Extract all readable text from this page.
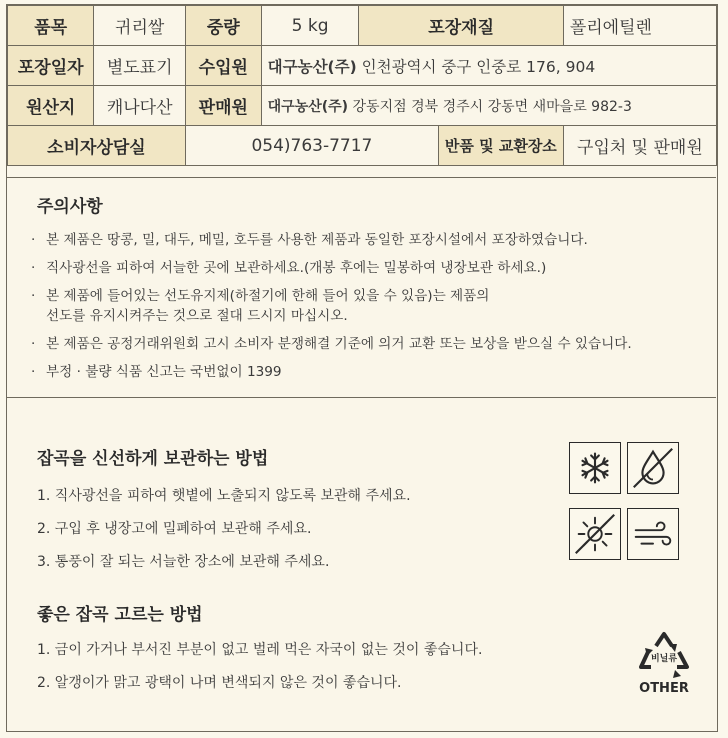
품목	귀리쌀	중량	5 kg	포장재질		폴리에틸렌
포장일자	별도표기	수입원	대구농산(주) 인천광역시 중구 인중로 176, 904			
원산지	캐나다산	판매원	대구농산(주) 강동지점 경북 경주시 강동면 새마을로 982-3			
소비자상담실		054)763-7717			반품 및 교환장소	구입처 및 판매원
주의사항
· 본 제품은 땅콩, 밀, 대두, 메밀, 호두를 사용한 제품과 동일한 포장시설에서 포장하였습니다.
· 직사광선을 피하여 서늘한 곳에 보관하세요.(개봉 후에는 밀봉하여 냉장보관 하세요.)
· 본 제품에 들어있는 선도유지제(하절기에 한해 들어 있을 수 있음)는 제품의
선도를 유지시켜주는 것으로 절대 드시지 마십시오.
· 본 제품은 공정거래위원회 고시 소비자 분쟁해결 기준에 의거 교환 또는 보상을 받으실 수 있습니다.
· 부정 · 불량 식품 신고는 국번없이 1399
잡곡을 신선하게 보관하는 방법
1. 직사광선을 피하여 햇볕에 노출되지 않도록 보관해 주세요.
2. 구입 후 냉장고에 밀폐하여 보관해 주세요.
3. 통풍이 잘 되는 서늘한 장소에 보관해 주세요.
좋은 잡곡 고르는 방법
1. 금이 가거나 부서진 부분이 없고 벌레 먹은 자국이 없는 것이 좋습니다.
2. 알갱이가 맑고 광택이 나며 변색되지 않은 것이 좋습니다.
비닐류
OTHER
